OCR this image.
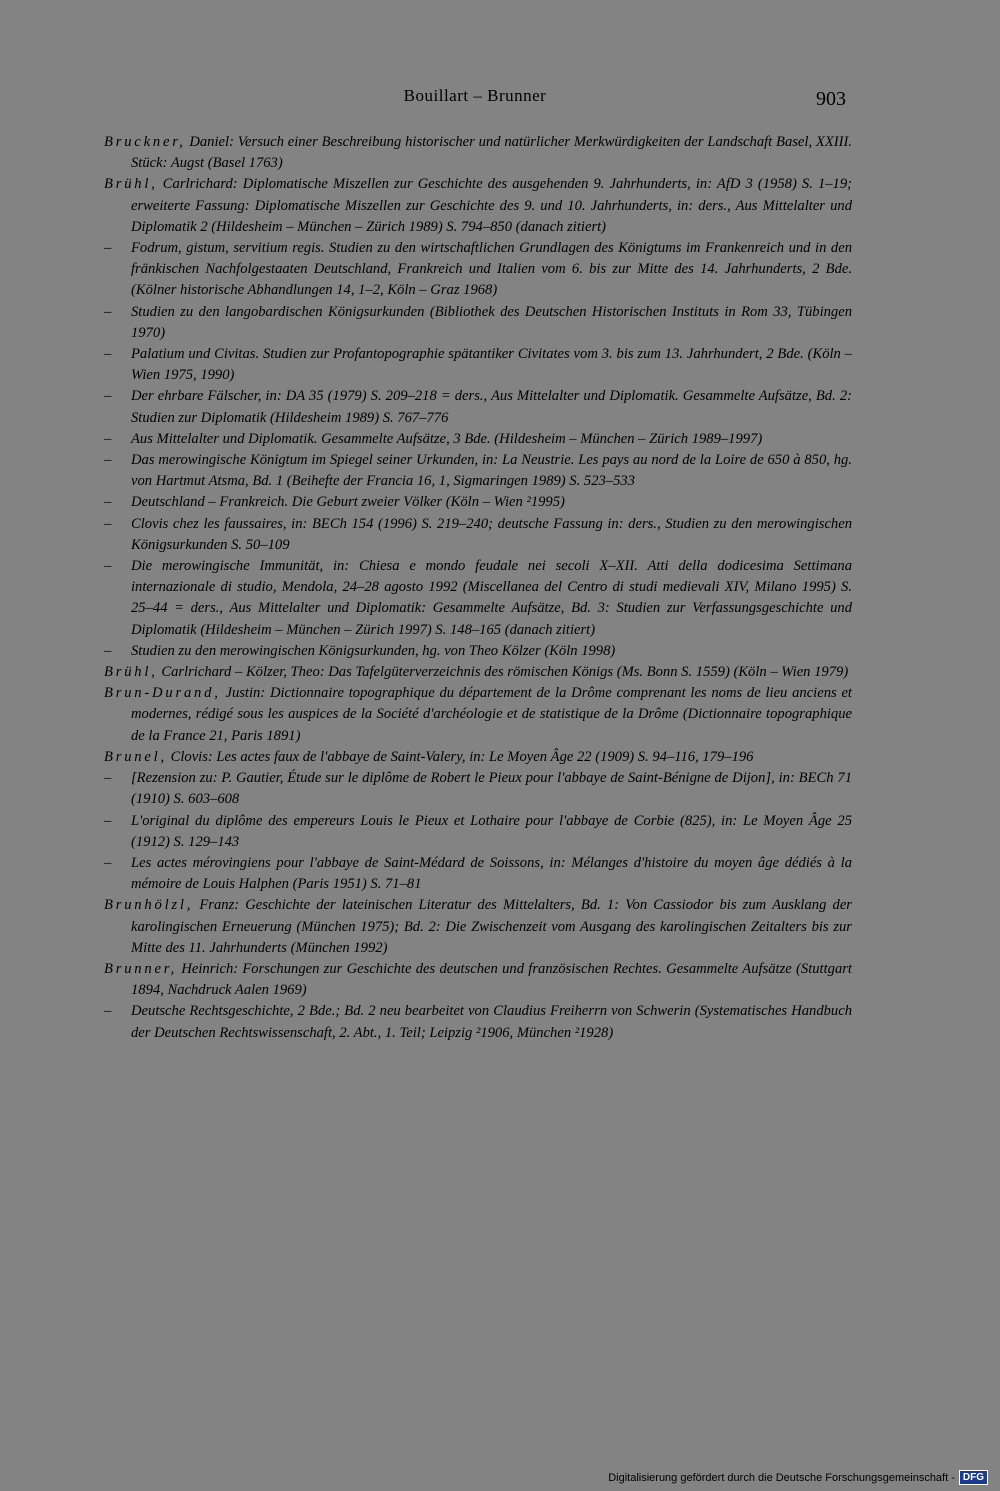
Bouillart – Brunner	903
Bruckner, Daniel: Versuch einer Beschreibung historischer und natürlicher Merkwürdigkeiten der Landschaft Basel, XXIII. Stück: Augst (Basel 1763)
Brühl, Carlrichard: Diplomatische Miszellen zur Geschichte des ausgehenden 9. Jahrhunderts, in: AfD 3 (1958) S. 1–19; erweiterte Fassung: Diplomatische Miszellen zur Geschichte des 9. und 10. Jahrhunderts, in: ders., Aus Mittelalter und Diplomatik 2 (Hildesheim – München – Zürich 1989) S. 794–850 (danach zitiert)
– Fodrum, gistum, servitium regis. Studien zu den wirtschaftlichen Grundlagen des Königtums im Frankenreich und in den fränkischen Nachfolgestaaten Deutschland, Frankreich und Italien vom 6. bis zur Mitte des 14. Jahrhunderts, 2 Bde. (Kölner historische Abhandlungen 14, 1–2, Köln – Graz 1968)
– Studien zu den langobardischen Königsurkunden (Bibliothek des Deutschen Historischen Instituts in Rom 33, Tübingen 1970)
– Palatium und Civitas. Studien zur Profantopographie spätantiker Civitates vom 3. bis zum 13. Jahrhundert, 2 Bde. (Köln – Wien 1975, 1990)
– Der ehrbare Fälscher, in: DA 35 (1979) S. 209–218 = ders., Aus Mittelalter und Diplomatik. Gesammelte Aufsätze, Bd. 2: Studien zur Diplomatik (Hildesheim 1989) S. 767–776
– Aus Mittelalter und Diplomatik. Gesammelte Aufsätze, 3 Bde. (Hildesheim – München – Zürich 1989–1997)
– Das merowingische Königtum im Spiegel seiner Urkunden, in: La Neustrie. Les pays au nord de la Loire de 650 à 850, hg. von Hartmut Atsma, Bd. 1 (Beihefte der Francia 16, 1, Sigmaringen 1989) S. 523–533
– Deutschland – Frankreich. Die Geburt zweier Völker (Köln – Wien ²1995)
– Clovis chez les faussaires, in: BECh 154 (1996) S. 219–240; deutsche Fassung in: ders., Studien zu den merowingischen Königsurkunden S. 50–109
– Die merowingische Immunität, in: Chiesa e mondo feudale nei secoli X–XII. Atti della dodicesima Settimana internazionale di studio, Mendola, 24–28 agosto 1992 (Miscellanea del Centro di studi medievali XIV, Milano 1995) S. 25–44 = ders., Aus Mittelalter und Diplomatik: Gesammelte Aufsätze, Bd. 3: Studien zur Verfassungsgeschichte und Diplomatik (Hildesheim – München – Zürich 1997) S. 148–165 (danach zitiert)
– Studien zu den merowingischen Königsurkunden, hg. von Theo Kölzer (Köln 1998)
Brühl, Carlrichard – Kölzer, Theo: Das Tafelgüterverzeichnis des römischen Königs (Ms. Bonn S. 1559) (Köln – Wien 1979)
Brun-Durand, Justin: Dictionnaire topographique du département de la Drôme comprenant les noms de lieu anciens et modernes, rédigé sous les auspices de la Société d'archéologie et de statistique de la Drôme (Dictionnaire topographique de la France 21, Paris 1891)
Brunel, Clovis: Les actes faux de l'abbaye de Saint-Valery, in: Le Moyen Âge 22 (1909) S. 94–116, 179–196
– [Rezension zu: P. Gautier, Étude sur le diplôme de Robert le Pieux pour l'abbaye de Saint-Bénigne de Dijon], in: BECh 71 (1910) S. 603–608
– L'original du diplôme des empereurs Louis le Pieux et Lothaire pour l'abbaye de Corbie (825), in: Le Moyen Âge 25 (1912) S. 129–143
– Les actes mérovingiens pour l'abbaye de Saint-Médard de Soissons, in: Mélanges d'histoire du moyen âge dédiés à la mémoire de Louis Halphen (Paris 1951) S. 71–81
Brunhölzl, Franz: Geschichte der lateinischen Literatur des Mittelalters, Bd. 1: Von Cassiodor bis zum Ausklang der karolingischen Erneuerung (München 1975); Bd. 2: Die Zwischenzeit vom Ausgang des karolingischen Zeitalters bis zur Mitte des 11. Jahrhunderts (München 1992)
Brunner, Heinrich: Forschungen zur Geschichte des deutschen und französischen Rechtes. Gesammelte Aufsätze (Stuttgart 1894, Nachdruck Aalen 1969)
– Deutsche Rechtsgeschichte, 2 Bde.; Bd. 2 neu bearbeitet von Claudius Freiherrn von Schwerin (Systematisches Handbuch der Deutschen Rechtswissenschaft, 2. Abt., 1. Teil; Leipzig ²1906, München ²1928)
Digitalisierung gefördert durch die Deutsche Forschungsgemeinschaft - DFG
